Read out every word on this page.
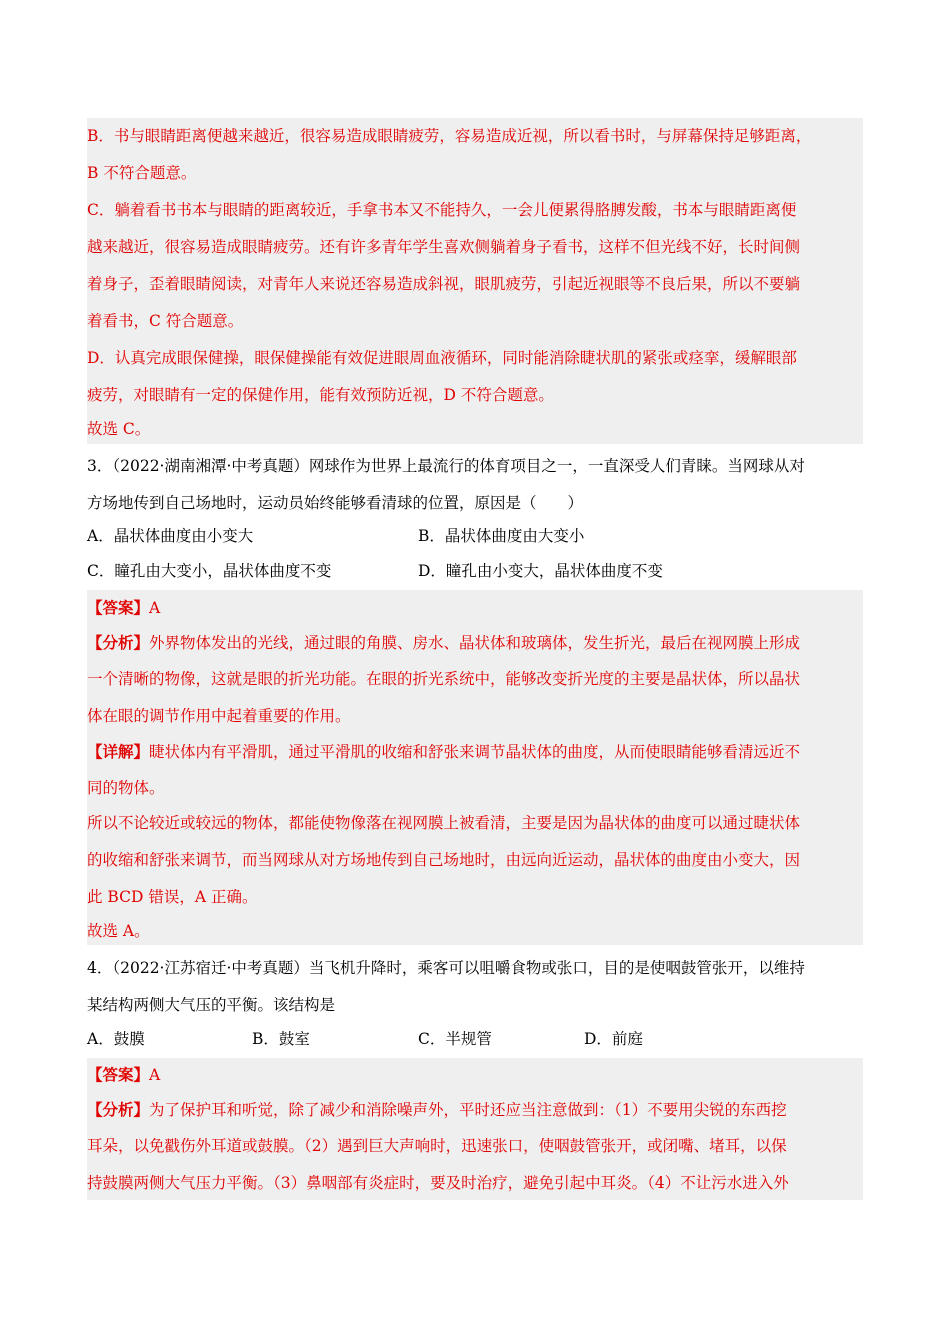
B．书与眼睛距离便越来越近，很容易造成眼睛疲劳，容易造成近视，所以看书时，与屏幕保持足够距离，
B 不符合题意。
C．躺着看书书本与眼睛的距离较近，手拿书本又不能持久，一会儿便累得胳膊发酸，书本与眼睛距离便
越来越近，很容易造成眼睛疲劳。还有许多青年学生喜欢侧躺着身子看书，这样不但光线不好，长时间侧
着身子，歪着眼睛阅读，对青年人来说还容易造成斜视，眼肌疲劳，引起近视眼等不良后果，所以不要躺
着看书，C 符合题意。
D．认真完成眼保健操，眼保健操能有效促进眼周血液循环，同时能消除睫状肌的紧张或痉挛，缓解眼部
疲劳，对眼睛有一定的保健作用，能有效预防近视，D 不符合题意。
故选 C。
3．（2022·湖南湘潭·中考真题）网球作为世界上最流行的体育项目之一，一直深受人们青睐。当网球从对
方场地传到自己场地时，运动员始终能够看清球的位置，原因是（　　）
A．晶状体曲度由小变大	B．晶状体曲度由大变小
C．瞳孔由大变小，晶状体曲度不变	D．瞳孔由小变大，晶状体曲度不变
【答案】A
【分析】外界物体发出的光线，通过眼的角膜、房水、晶状体和玻璃体，发生折光，最后在视网膜上形成
一个清晰的物像，这就是眼的折光功能。在眼的折光系统中，能够改变折光度的主要是晶状体，所以晶状
体在眼的调节作用中起着重要的作用。
【详解】睫状体内有平滑肌，通过平滑肌的收缩和舒张来调节晶状体的曲度，从而使眼睛能够看清远近不
同的物体。
所以不论较近或较远的物体，都能使物像落在视网膜上被看清，主要是因为晶状体的曲度可以通过睫状体
的收缩和舒张来调节，而当网球从对方场地传到自己场地时，由远向近运动，晶状体的曲度由小变大，因
此 BCD 错误，A 正确。
故选 A。
4．（2022·江苏宿迁·中考真题）当飞机升降时，乘客可以咀嚼食物或张口，目的是使咽鼓管张开，以维持
某结构两侧大气压的平衡。该结构是
A．鼓膜	B．鼓室	C．半规管	D．前庭
【答案】A
【分析】为了保护耳和听觉，除了减少和消除噪声外，平时还应当注意做到：（1）不要用尖锐的东西挖
耳朵，以免戳伤外耳道或鼓膜。（2）遇到巨大声响时，迅速张口，使咽鼓管张开，或闭嘴、堵耳，以保
持鼓膜两侧大气压力平衡。（3）鼻咽部有炎症时，要及时治疗，避免引起中耳炎。（4）不让污水进入外
